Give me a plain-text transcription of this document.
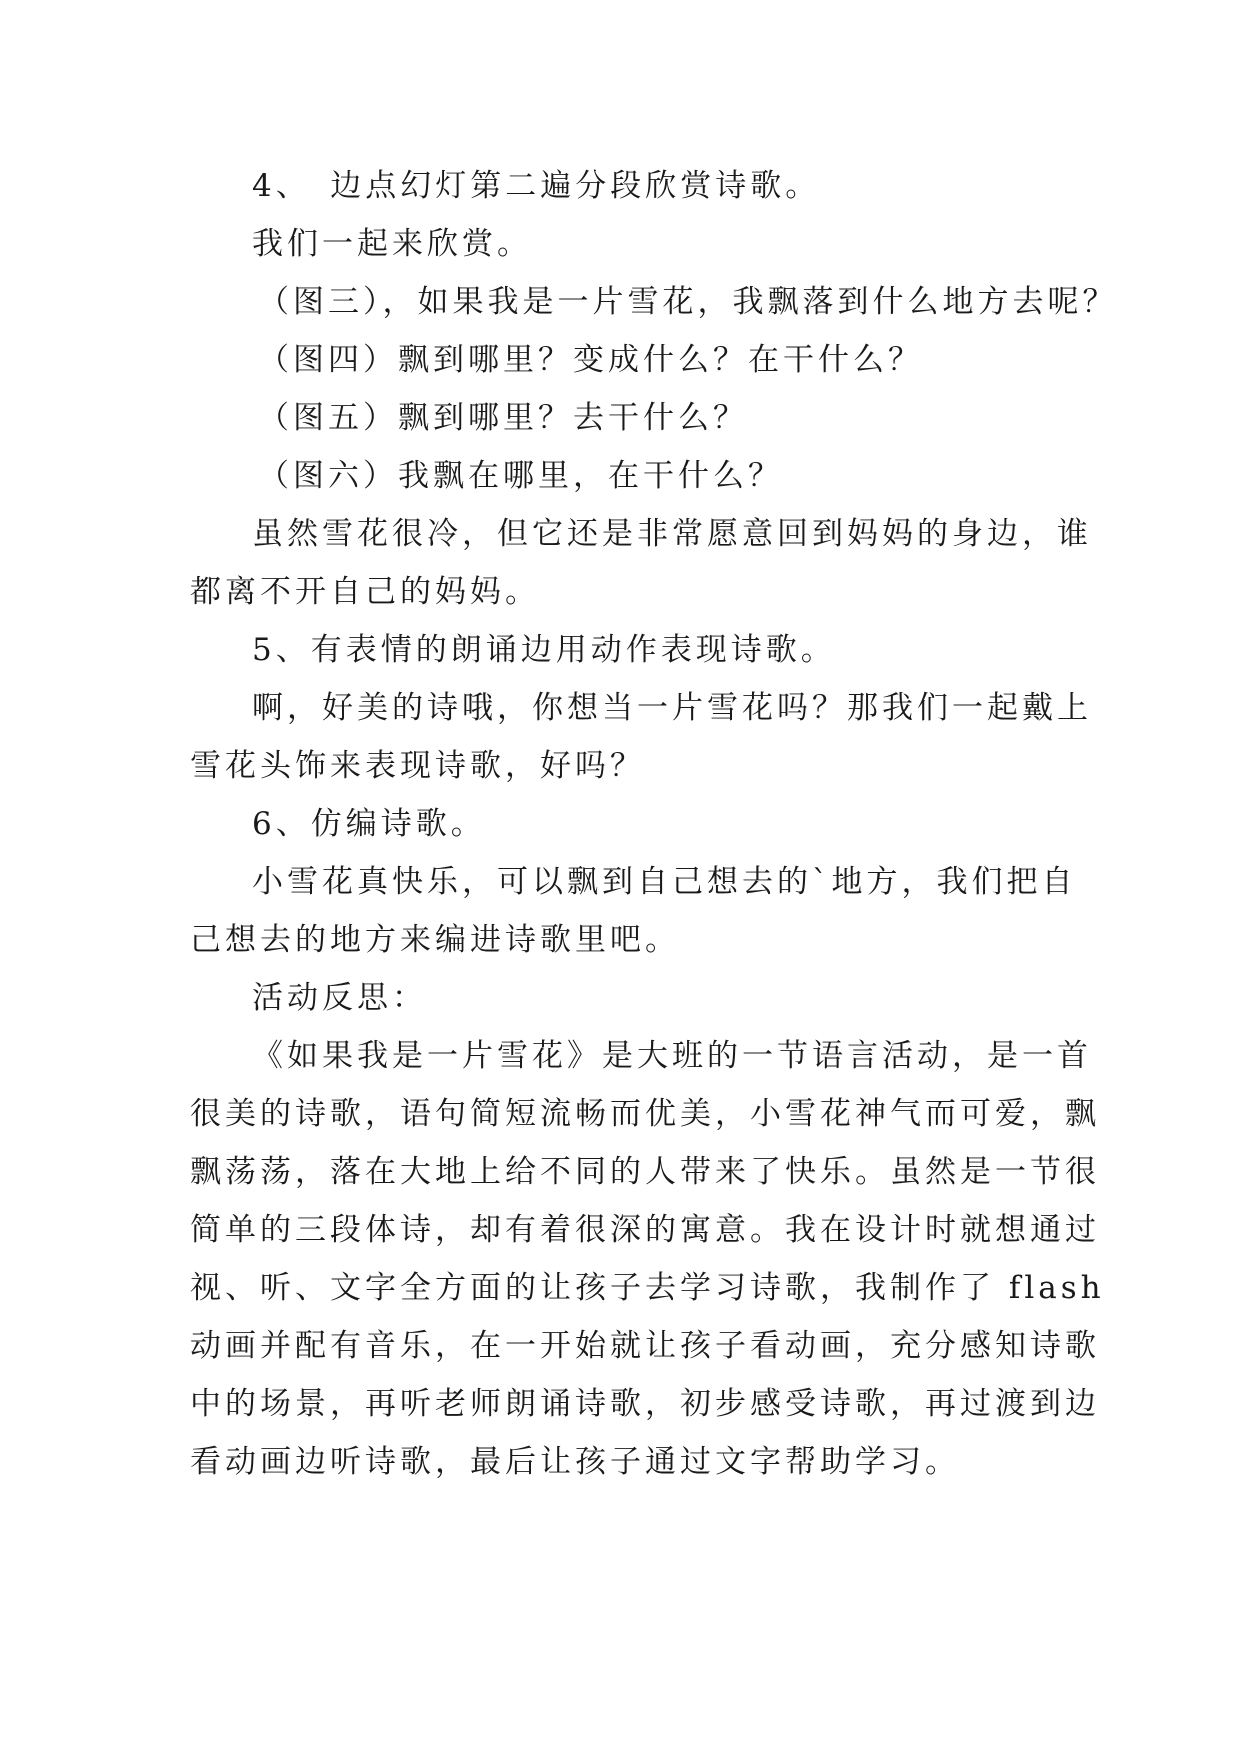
4、　边点幻灯第二遍分段欣赏诗歌。
我们一起来欣赏。
（图三），如果我是一片雪花，我飘落到什么地方去呢？
（图四）飘到哪里？变成什么？在干什么？
（图五）飘到哪里？去干什么？
（图六）我飘在哪里，在干什么？
虽然雪花很冷，但它还是非常愿意回到妈妈的身边，谁
都离不开自己的妈妈。
5、有表情的朗诵边用动作表现诗歌。
啊，好美的诗哦，你想当一片雪花吗？那我们一起戴上
雪花头饰来表现诗歌，好吗？
6、仿编诗歌。
小雪花真快乐，可以飘到自己想去的`地方，我们把自
己想去的地方来编进诗歌里吧。
活动反思：
《如果我是一片雪花》是大班的一节语言活动，是一首
很美的诗歌，语句简短流畅而优美，小雪花神气而可爱，飘
飘荡荡，落在大地上给不同的人带来了快乐。虽然是一节很
简单的三段体诗，却有着很深的寓意。我在设计时就想通过
视、听、文字全方面的让孩子去学习诗歌，我制作了 flash
动画并配有音乐，在一开始就让孩子看动画，充分感知诗歌
中的场景，再听老师朗诵诗歌，初步感受诗歌，再过渡到边
看动画边听诗歌，最后让孩子通过文字帮助学习。
